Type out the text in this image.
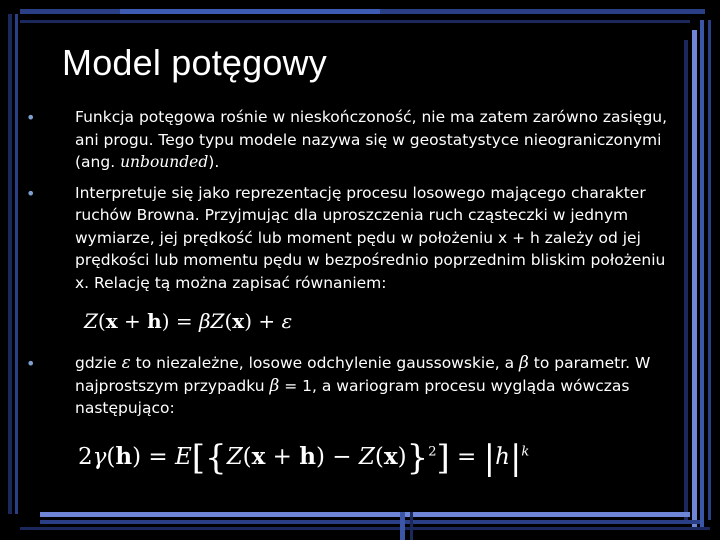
Model potęgowy
•	Funkcja potęgowa rośnie w nieskończoność, nie ma zatem zarówno zasięgu, ani progu. Tego typu modele nazywa się w geostatystyce nieograniczonymi (ang. unbounded).
•	Interpretuje się jako reprezentację procesu losowego mającego charakter ruchów Browna. Przyjmując dla uproszczenia ruch cząsteczki w jednym wymiarze, jej prędkość lub moment pędu w położeniu x + h zależy od jej prędkości lub momentu pędu w bezpośrednio poprzednim bliskim położeniu x. Relację tą można zapisać równaniem:
Z(x + h) = βZ(x) + ε
•	gdzie ε to niezależne, losowe odchylenie gaussowskie, a β to parametr. W najprostszym przypadku β = 1, a wariogram procesu wygląda wówczas następująco:
$2\gamma(h) = E[\{Z(x + h) - Z(x)\}^2] = |h|^k$
